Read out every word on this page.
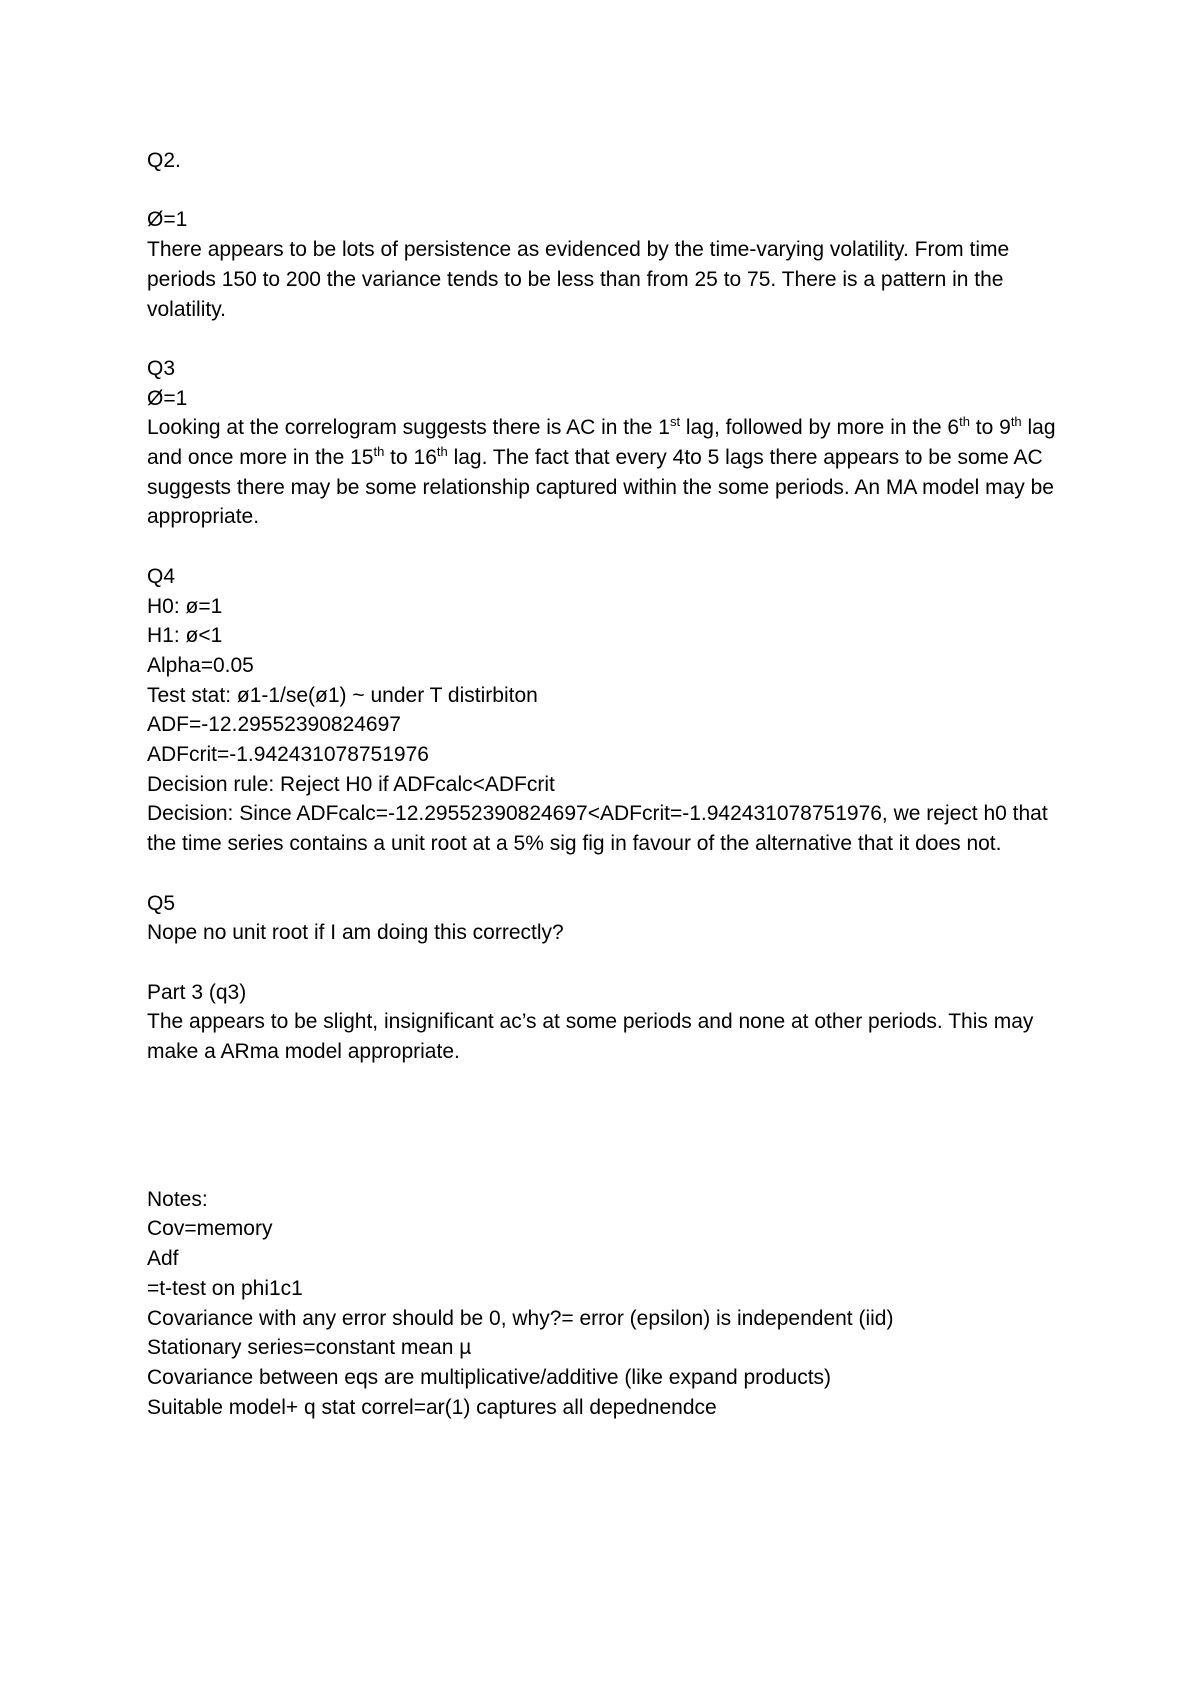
Q2.
Ø=1

There appears to be lots of persistence as evidenced by the time-varying volatility. From time periods 150 to 200 the variance tends to be less than from 25 to 75. There is a pattern in the volatility.

Q3
Ø=1

Looking at the correlogram suggests there is AC in the 1st lag, followed by more in the 6th to 9th lag and once more in the 15th to 16th lag. The fact that every 4to 5 lags there appears to be some AC suggests there may be some relationship captured within the some periods. An MA model may be appropriate.

Q4
H0: ø=1
H1: ø<1
Alpha=0.05
Test stat: ø1-1/se(ø1) ~ under T distirbiton
ADF=-12.29552390824697
ADFcrit=-1.942431078751976
Decision rule: Reject H0 if ADFcalc<ADFcrit

Decision: Since ADFcalc=-12.29552390824697<ADFcrit=-1.942431078751976, we reject h0 that the time series contains a unit root at a 5% sig fig in favour of the alternative that it does not.

Q5
Nope no unit root if I am doing this correctly?
Part 3 (q3)

The appears to be slight, insignificant ac’s at some periods and none at other periods. This may make a ARma model appropriate.

Notes:
Cov=memory
Adf
=t-test on phi1c1
Covariance with any error should be 0, why?= error (epsilon) is independent (iid)
Stationary series=constant mean µ
Covariance between eqs are multiplicative/additive (like expand products)
Suitable model+ q stat correl=ar(1) captures all depednendce
